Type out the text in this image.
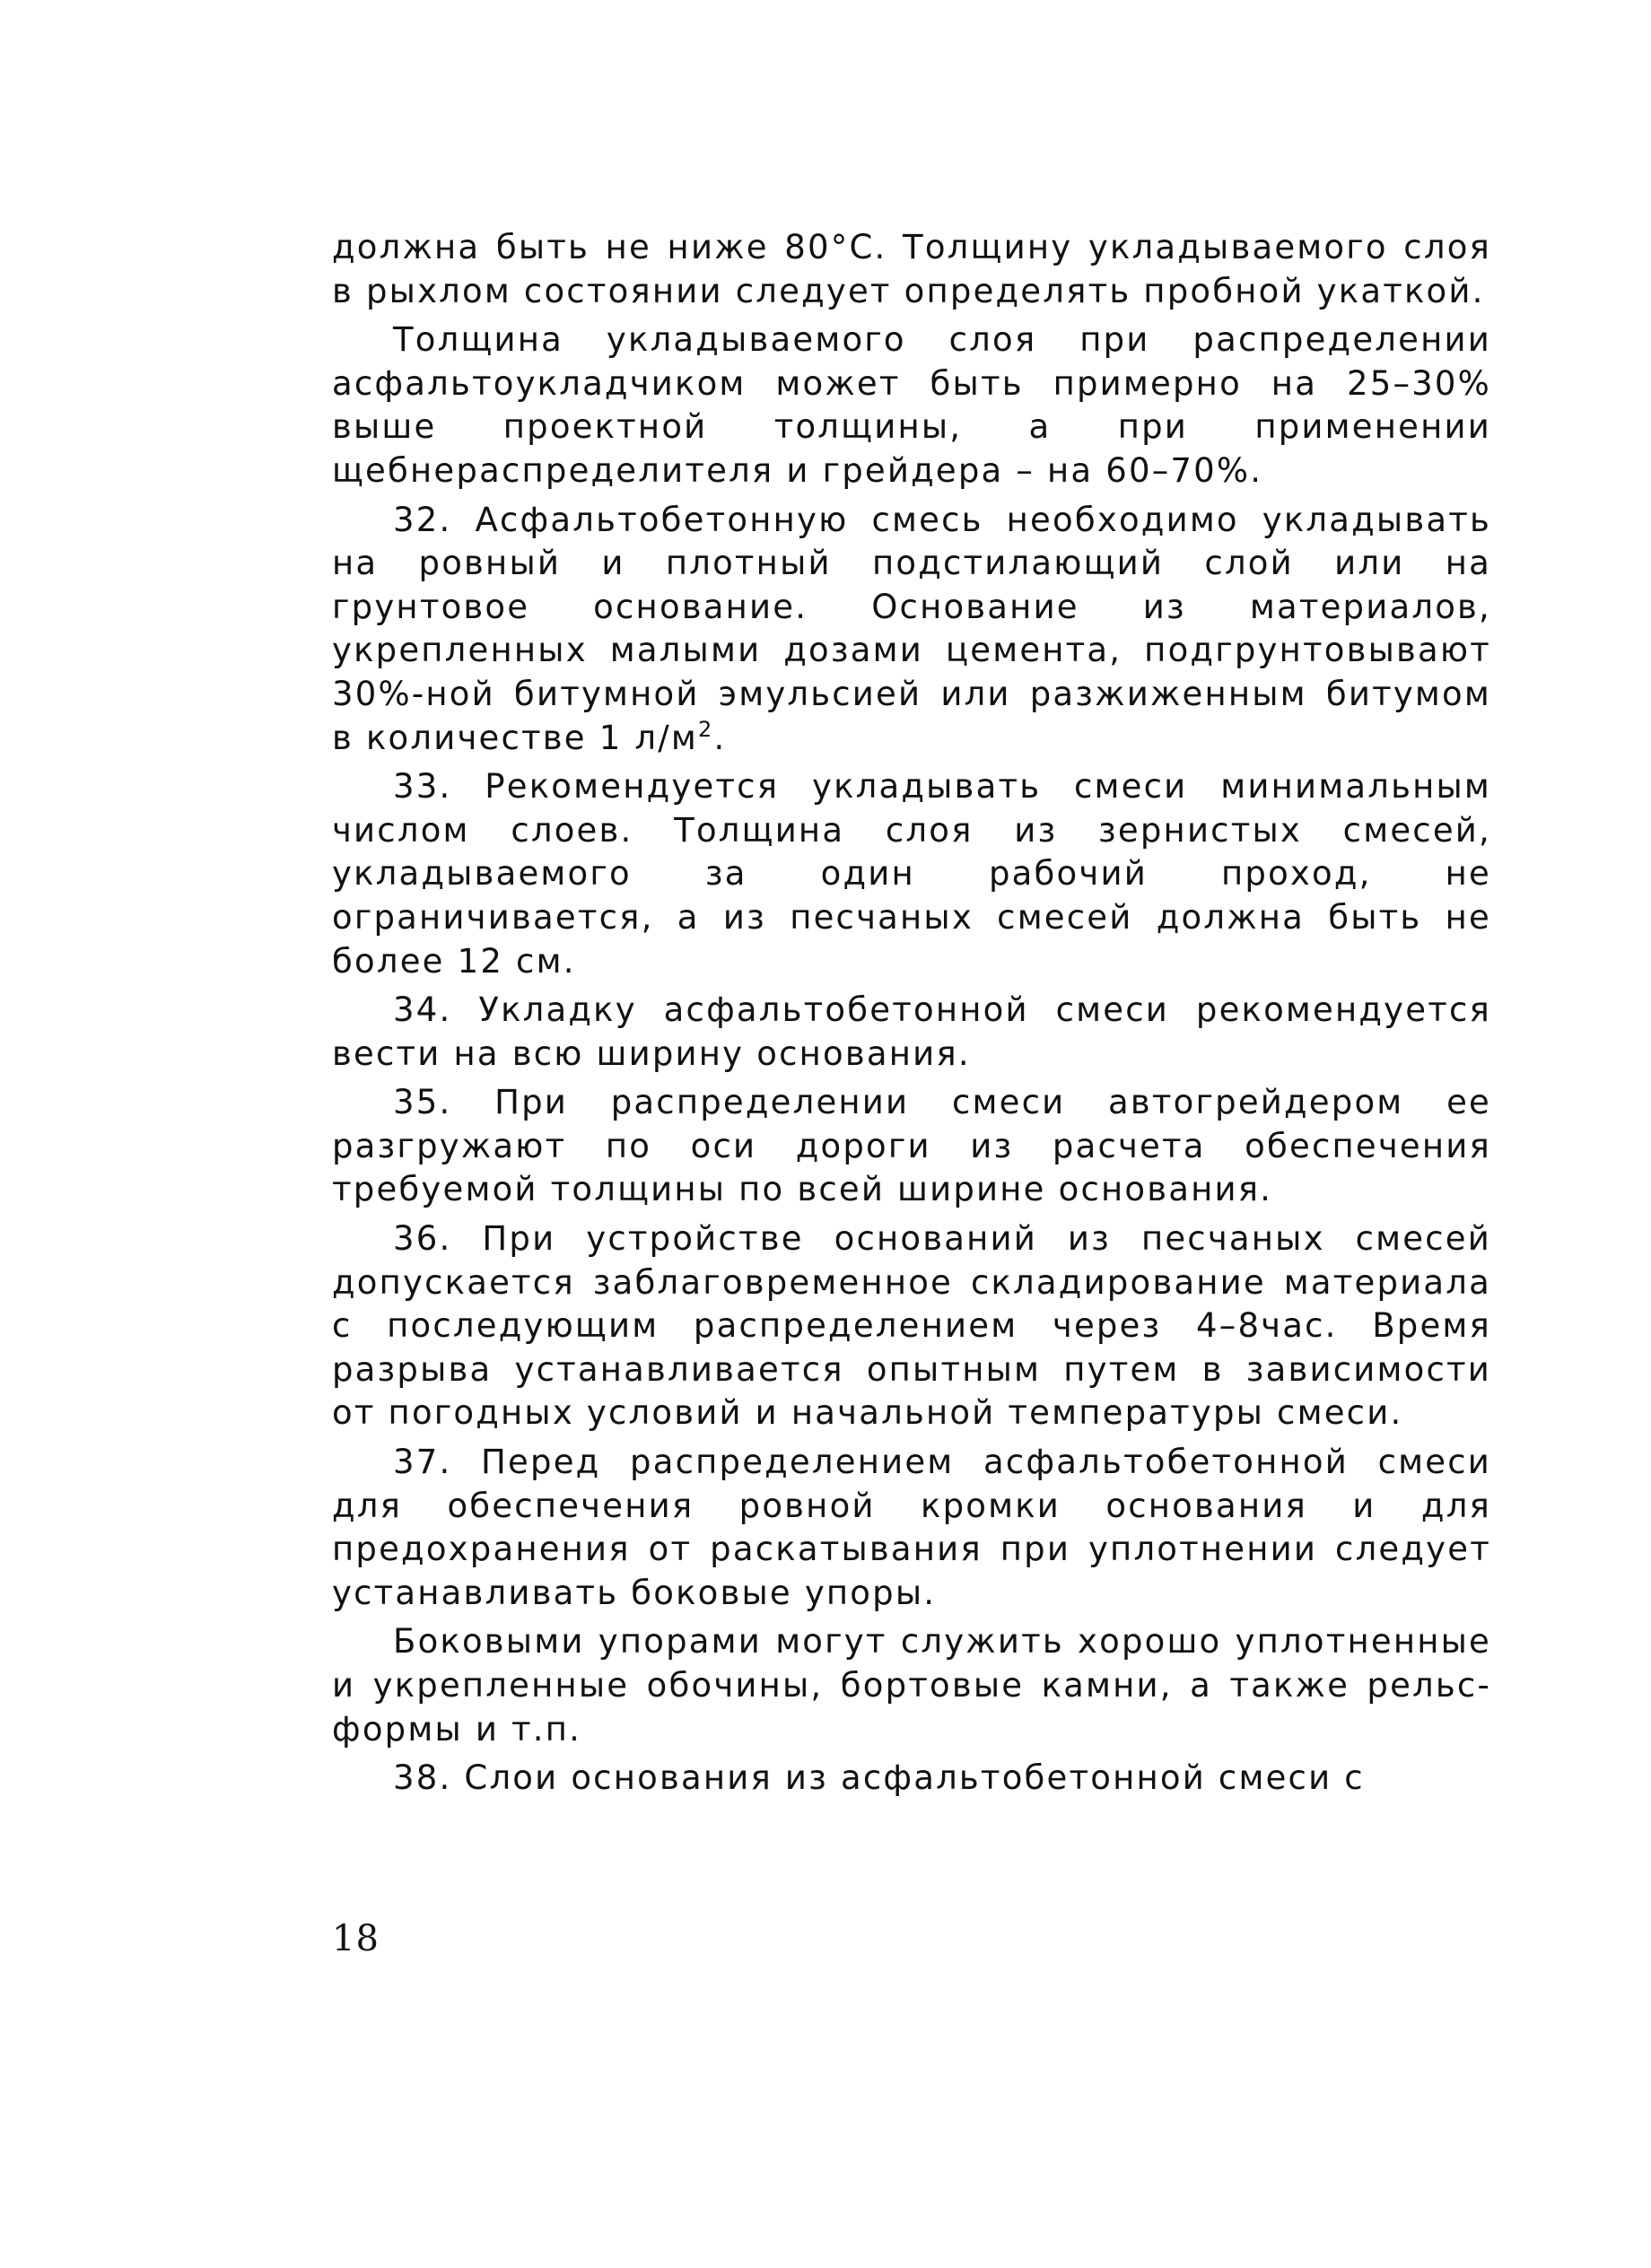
должна быть не ниже 80°C. Толщину укладываемого слоя в рыхлом состоянии следует определять пробной укаткой.

Толщина укладываемого слоя при распределении асфальтоукладчиком может быть примерно на 25–30% выше проектной толщины, а при применении щебнераспределителя и грейдера – на 60–70%.

32. Асфальтобетонную смесь необходимо укладывать на ровный и плотный подстилающий слой или на грунтовое основание. Основание из материалов, укрепленных малыми дозами цемента, подгрунтовывают 30%-ной битумной эмульсией или разжиженным битумом в количестве 1 $л/м^2$.

33. Рекомендуется укладывать смеси минимальным числом слоев. Толщина слоя из зернистых смесей, укладываемого за один рабочий проход, не ограничивается, а из песчаных смесей должна быть не более 12 см.

34. Укладку асфальтобетонной смеси рекомендуется вести на всю ширину основания.

35. При распределении смеси автогрейдером ее разгружают по оси дороги из расчета обеспечения требуемой толщины по всей ширине основания.

36. При устройстве оснований из песчаных смесей допускается заблаговременное складирование материала с последующим распределением через 4–8час. Время разрыва устанавливается опытным путем в зависимости от погодных условий и начальной температуры смеси.

37. Перед распределением асфальтобетонной смеси для обеспечения ровной кромки основания и для предохранения от раскатывания при уплотнении следует устанавливать боковые упоры.

Боковыми упорами могут служить хорошо уплотненные и укрепленные обочины, бортовые камни, а также рельс-формы и т.п.

38. Слои основания из асфальтобетонной смеси с

18
